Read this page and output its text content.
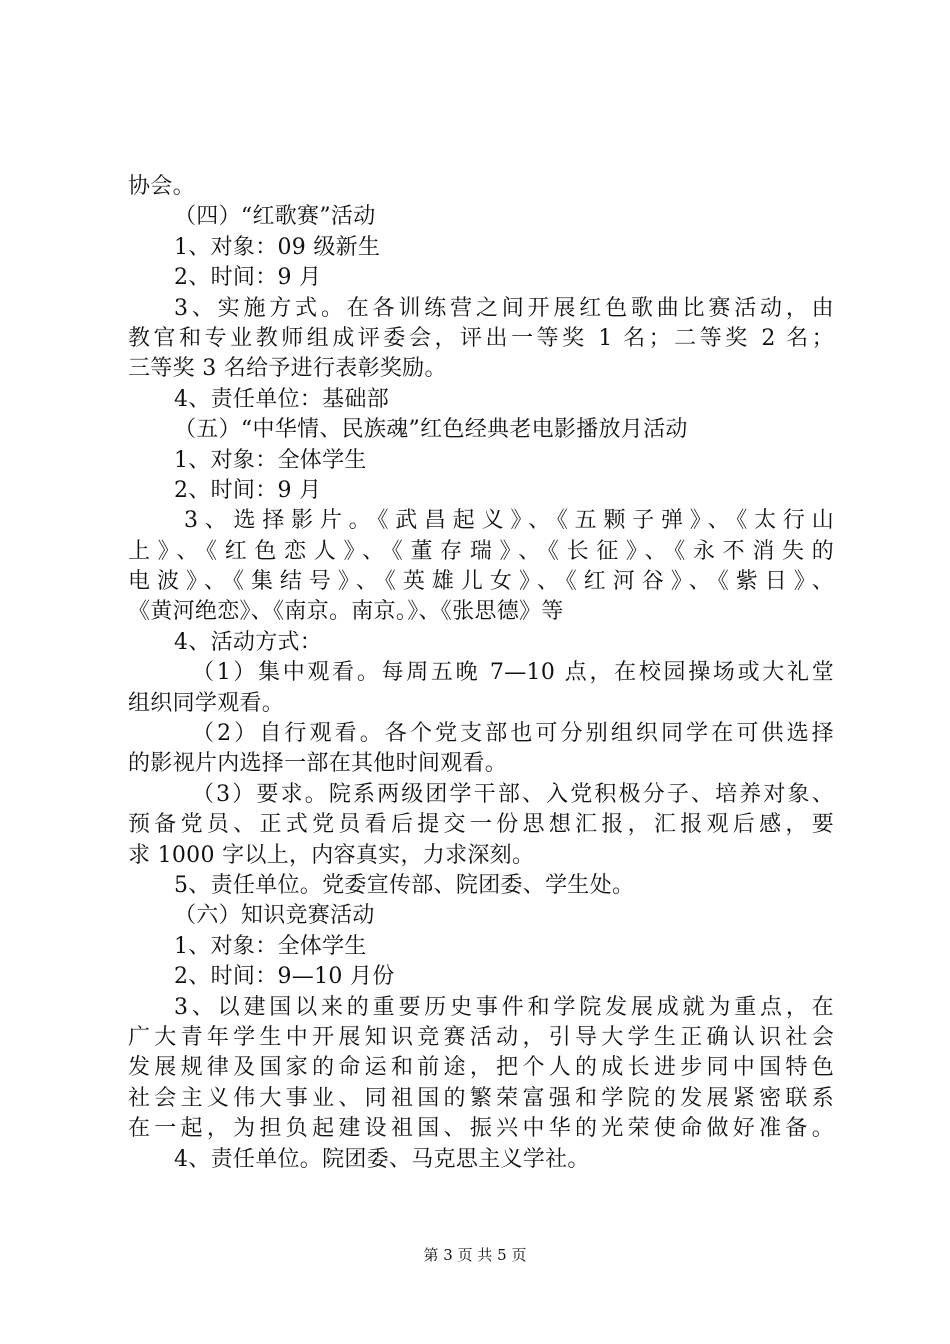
协会。
（四）“红歌赛”活动
1、对象：09 级新生
2、时间：9 月
3、实施方式。在各训练营之间开展红色歌曲比赛活动，由
教官和专业教师组成评委会，评出一等奖 1 名；二等奖 2 名；
三等奖 3 名给予进行表彰奖励。
4、责任单位：基础部
（五）“中华情、民族魂”红色经典老电影播放月活动
1、对象：全体学生
2、时间：9 月
3、选择影片。《武昌起义》、《五颗子弹》、《太行山
上》、《红色恋人》、《董存瑞》、《长征》、《永不消失的
电波》、《集结号》、《英雄儿女》、《红河谷》、《紫日》、
《黄河绝恋》、《南京。南京。》、《张思德》等
4、活动方式：
（1）集中观看。每周五晚 7—10 点，在校园操场或大礼堂
组织同学观看。
（2）自行观看。各个党支部也可分别组织同学在可供选择
的影视片内选择一部在其他时间观看。
（3）要求。院系两级团学干部、入党积极分子、培养对象、
预备党员、正式党员看后提交一份思想汇报，汇报观后感，要
求 1000 字以上，内容真实，力求深刻。
5、责任单位。党委宣传部、院团委、学生处。
（六）知识竞赛活动
1、对象：全体学生
2、时间：9—10 月份
3、以建国以来的重要历史事件和学院发展成就为重点，在
广大青年学生中开展知识竞赛活动，引导大学生正确认识社会
发展规律及国家的命运和前途，把个人的成长进步同中国特色
社会主义伟大事业、同祖国的繁荣富强和学院的发展紧密联系
在一起，为担负起建设祖国、振兴中华的光荣使命做好准备。
4、责任单位。院团委、马克思主义学社。
第 3 页 共 5 页
